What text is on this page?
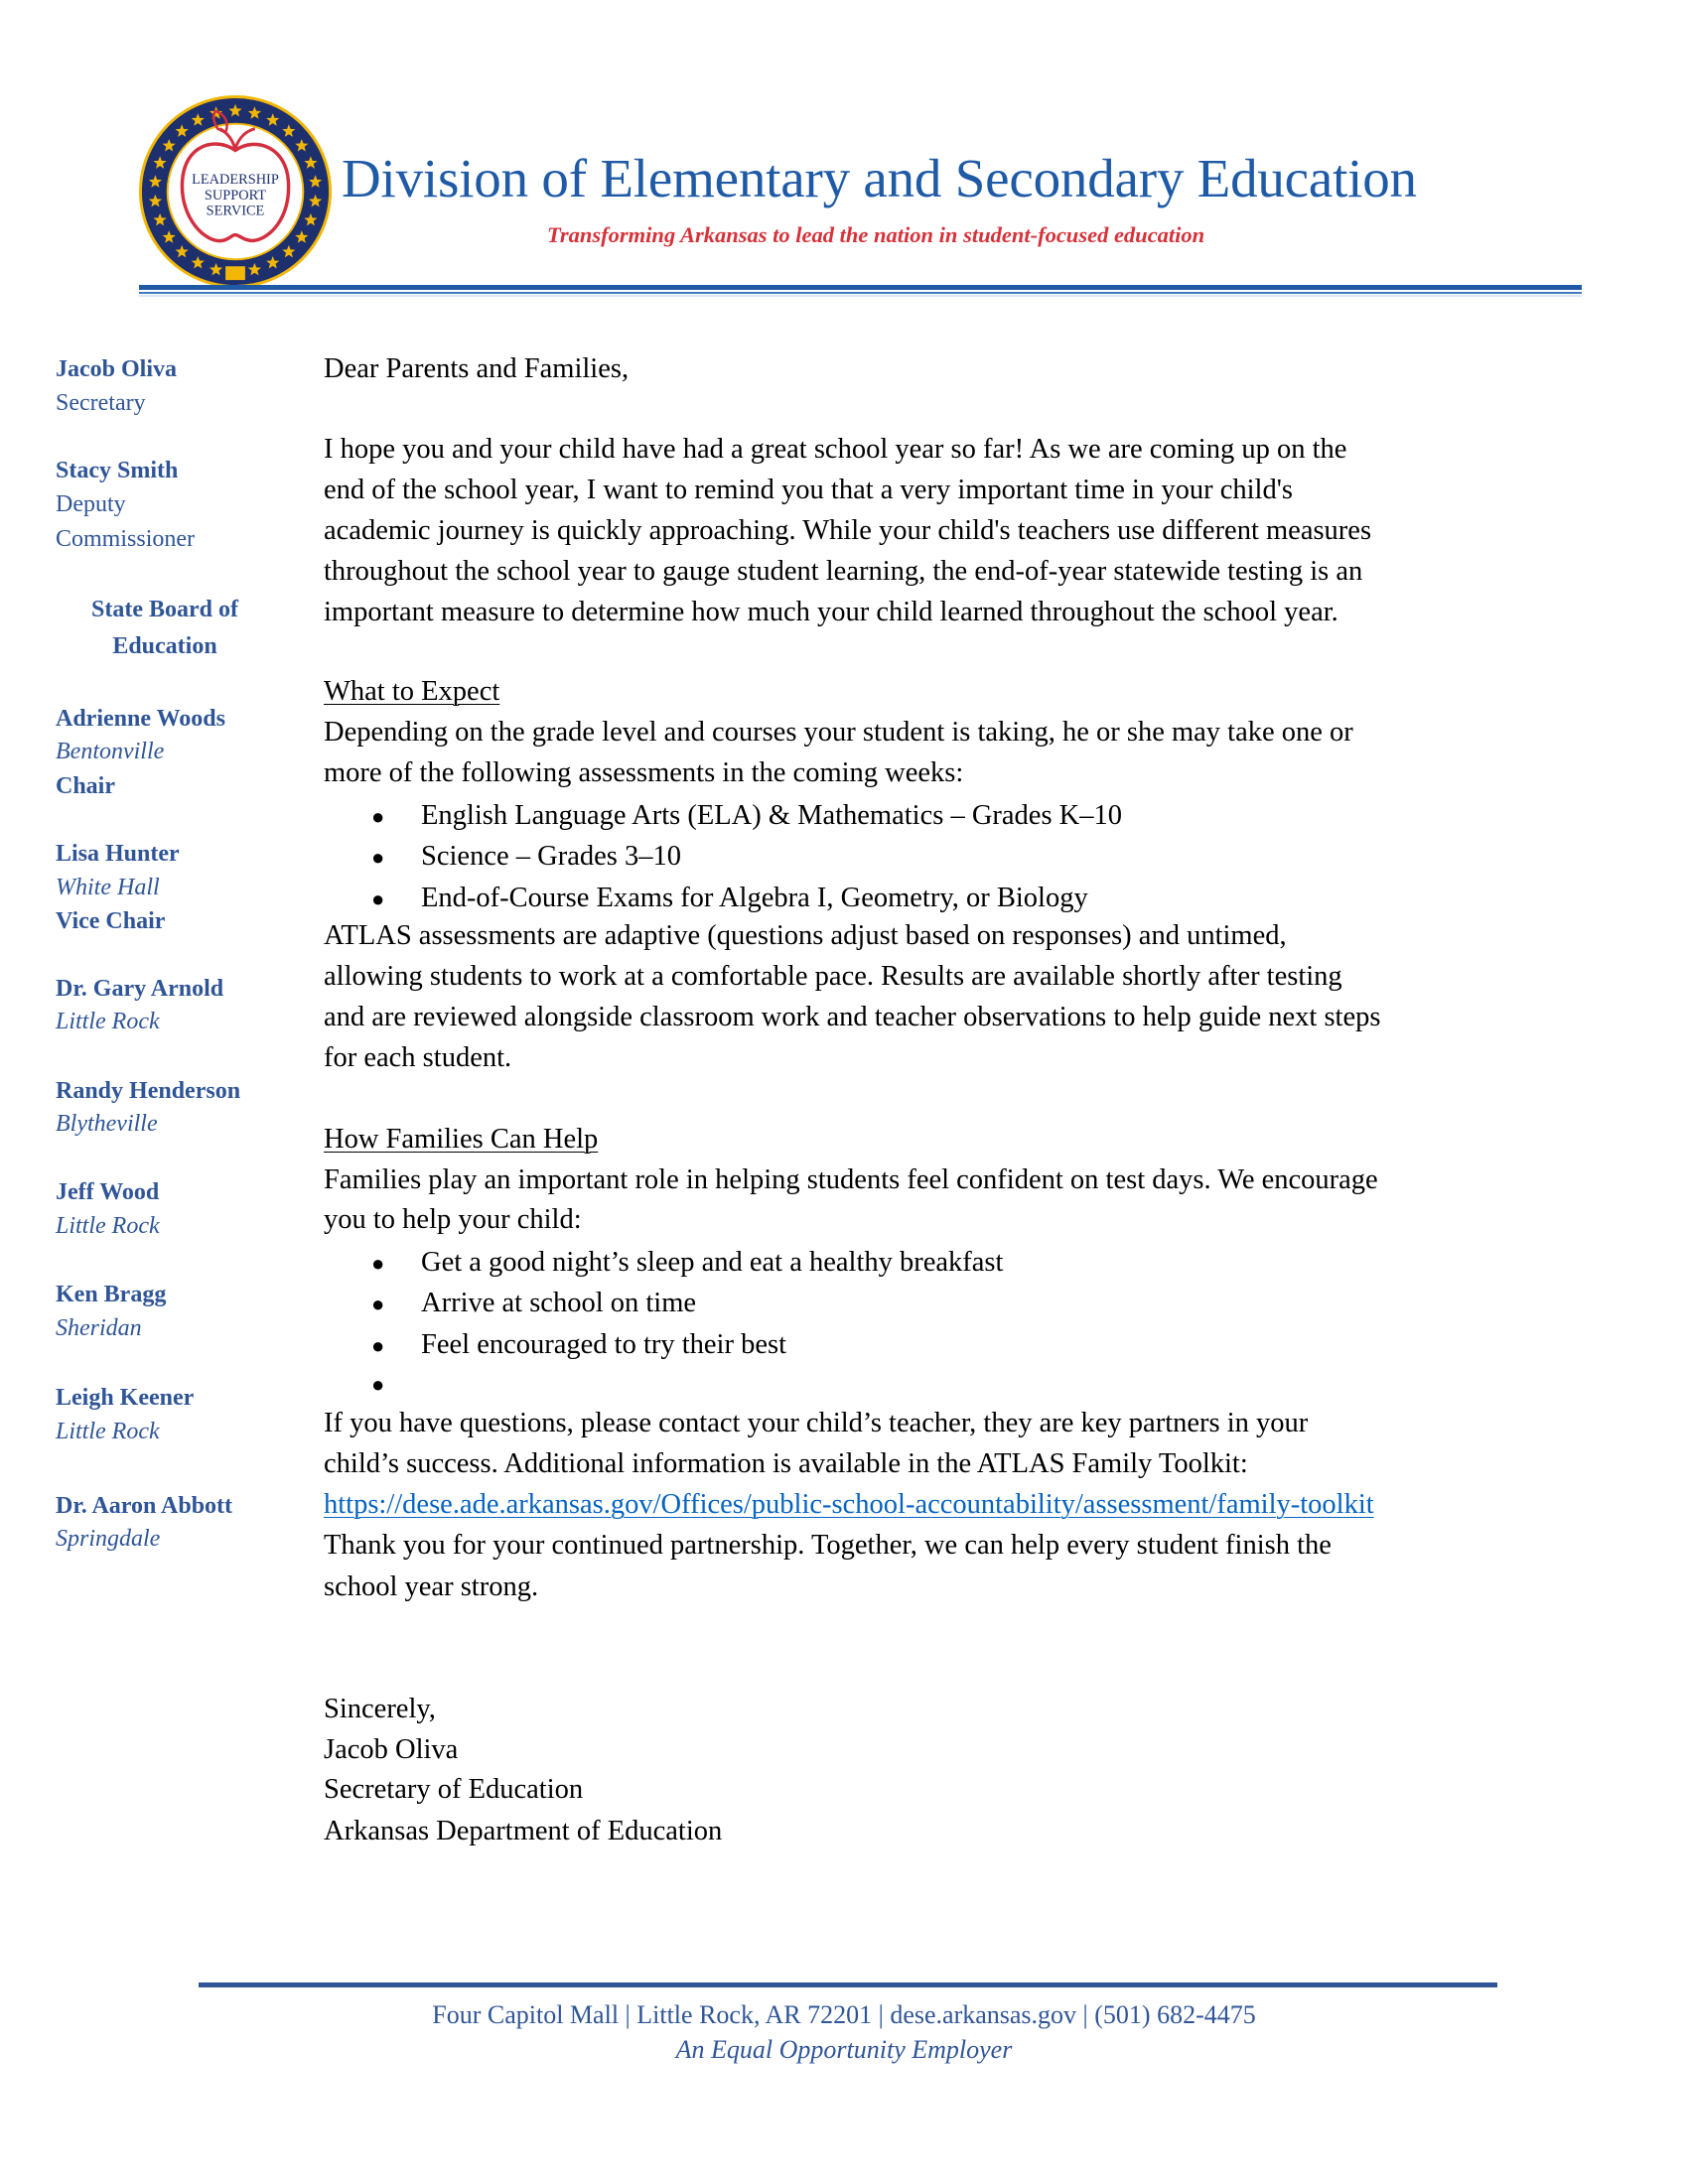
LEADERSHIP
SUPPORT
SERVICE
Division of Elementary and Secondary Education
Transforming Arkansas to lead the nation in student-focused education
Jacob Oliva
Secretary
Stacy Smith
Deputy
Commissioner
State Board of
Education
Adrienne Woods
Bentonville
Chair
Lisa Hunter
White Hall
Vice Chair
Dr. Gary Arnold
Little Rock
Randy Henderson
Blytheville
Jeff Wood
Little Rock
Ken Bragg
Sheridan
Leigh Keener
Little Rock
Dr. Aaron Abbott
Springdale
Dear Parents and Families,
I hope you and your child have had a great school year so far! As we are coming up on the
end of the school year, I want to remind you that a very important time in your child's
academic journey is quickly approaching. While your child's teachers use different measures
throughout the school year to gauge student learning, the end-of-year statewide testing is an
important measure to determine how much your child learned throughout the school year.
What to Expect
Depending on the grade level and courses your student is taking, he or she may take one or
more of the following assessments in the coming weeks:
● English Language Arts (ELA) & Mathematics – Grades K–10
● Science – Grades 3–10
● End-of-Course Exams for Algebra I, Geometry, or Biology
ATLAS assessments are adaptive (questions adjust based on responses) and untimed,
allowing students to work at a comfortable pace. Results are available shortly after testing
and are reviewed alongside classroom work and teacher observations to help guide next steps
for each student.
How Families Can Help
Families play an important role in helping students feel confident on test days. We encourage
you to help your child:
● Get a good night’s sleep and eat a healthy breakfast
● Arrive at school on time
● Feel encouraged to try their best
●
If you have questions, please contact your child’s teacher, they are key partners in your
child’s success. Additional information is available in the ATLAS Family Toolkit:
https://dese.ade.arkansas.gov/Offices/public-school-accountability/assessment/family-toolkit
Thank you for your continued partnership. Together, we can help every student finish the
school year strong.
Sincerely,
Jacob Oliva
Secretary of Education
Arkansas Department of Education
Four Capitol Mall | Little Rock, AR 72201 | dese.arkansas.gov | (501) 682-4475
An Equal Opportunity Employer
